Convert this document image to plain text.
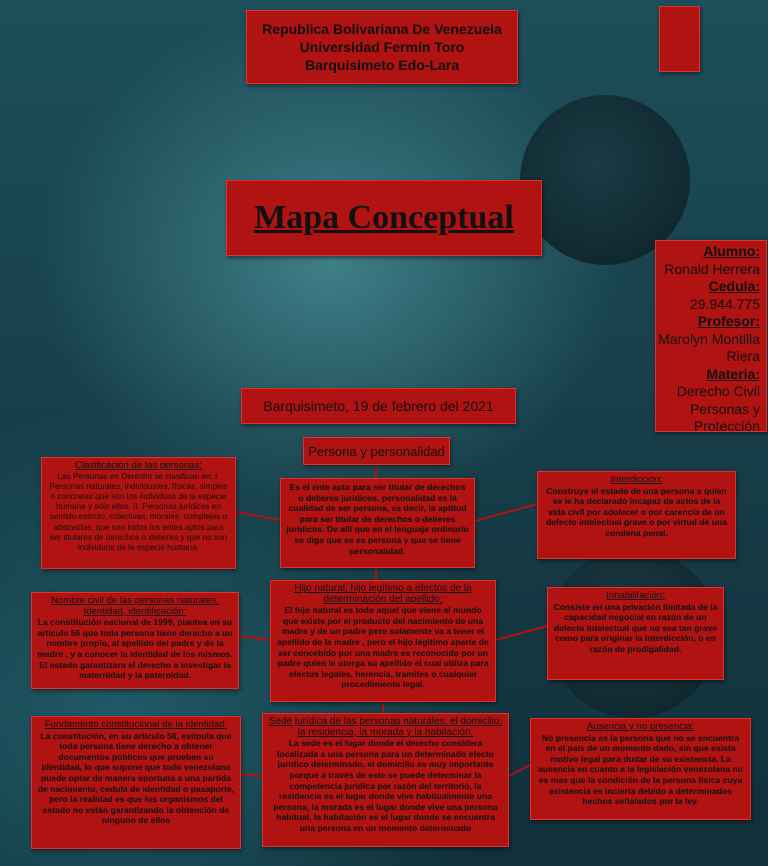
Republica Bolivariana De Venezuela
Universidad Fermín Toro
Barquisimeto Edo-Lara
Mapa Conceptual
Alumno:
Ronald Herrera
Cedula:
29.944.775
Profesor:
Marolyn Montilla Riera
Materia:
Derecho Civil Personas y Protección
Barquisimeto, 19 de febrero del 2021
Persona y personalidad
Es el ente apto para ser titular de derechos o deberes jurídicos, personalidad es la cualidad de ser persona, es decir, la aptitud para ser titular de derechos o deberes jurídicos. De allí que en el lenguaje ordinario se diga que se es persona y que se tiene personalidad.
Hijo natural, hijo legítimo a efectos de la determinación del apellido:
El hijo natural es todo aquel que viene al mundo que existe por el producto del nacimiento de una madre y de un padre pero solamente va a tener el apellido de la madre , pero el hijo legítimo aparte de ser concebido por una madre es reconocido por un padre quien le otorga su apellido el cual utiliza para efectos legales, herencia, tramites o cualquier procedimiento legal.
Sede jurídica de las personas naturales, el domicilio, la residencia, la morada y la habitación:
La sede es el lugar donde el derecho considera localizada a una persona para un determinado efecto jurídico determinado, el domicilio es muy importante porque a través de este se puede determinar la competencia jurídica por razón del territorio, la residencia es el lugar donde vive habitualmente una persona, la morada es el lugar donde vive una persona habitual, la habitación es el lugar donde se encuentra una persona en un momento determinado
Clasificación de las personas:
Las Personas en Derecho se clasifican en: I. Personas naturales, individuales, físicas, simples o concretas que son los individuos de la especie humana y sólo ellos. II. Personas jurídicas en sentido estricto, colectivas, morales, complejas o abstractas, que son todos los entes aptos para ser titulares de derechos o deberes y que no son individuos de la especie humana.
Nombre civil de las personas naturales. Identidad, identificación:
La constitución nacional de 1999, plantea en su artículo 56 que toda persona tiene derecho a un nombre propio, al apellido del padre y de la madre , y a conocer la identidad de los mismos. El estado garantizara el derecho a investigar la maternidad y la paternidad.
Fundamento constitucional de la identidad:
La constitución, en su artículo 56, estipula que toda persona tiene derecho a obtener documentos públicos que prueben su identidad, lo que supone que todo venezolano puede optar de manera oportuna a una partida de nacimiento, cedula de identidad o pasaporte, pero la realidad es que los organismos del estado no están garantizando la obtención de ninguno de ellos
Interdicción:
Construye el estado de una persona a quien se le ha declarado incapaz de actos de la vida civil por adolecer o por carencia de un defecto intelectual grave o por virtud de una condena penal.
Inhabilitación:
Consiste en una privación limitada de la capacidad negocial en razón de un defecto intelectual que no sea tan grave como para originar la interdicción, o en razón de prodigalidad.
Ausencia y no presencia:
No presencia es la persona que no se encuentra en el país de un momento dado, sin que exista motivo legal para dudar de su existencia. La ausencia en cuanto a la legislación venezolana no es mas que la condición de la persona física cuya existencia es incierta debido a determinados hechos señalados por la ley.
